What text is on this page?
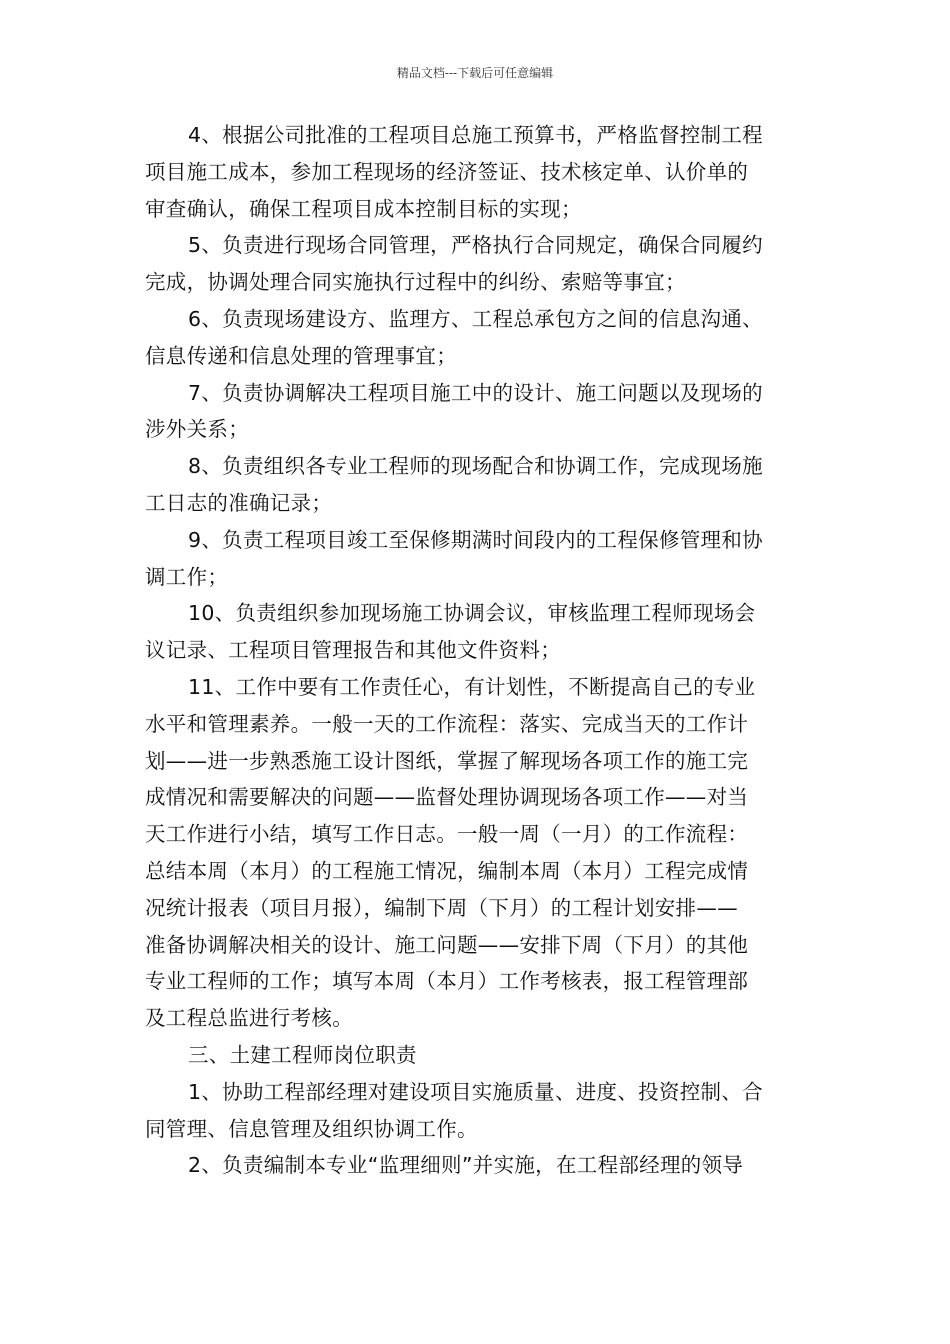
精品文档---下载后可任意编辑
4、根据公司批准的工程项目总施工预算书，严格监督控制工程
项目施工成本，参加工程现场的经济签证、技术核定单、认价单的
审查确认，确保工程项目成本控制目标的实现；
5、负责进行现场合同管理，严格执行合同规定，确保合同履约
完成，协调处理合同实施执行过程中的纠纷、索赔等事宜；
6、负责现场建设方、监理方、工程总承包方之间的信息沟通、
信息传递和信息处理的管理事宜；
7、负责协调解决工程项目施工中的设计、施工问题以及现场的
涉外关系；
8、负责组织各专业工程师的现场配合和协调工作，完成现场施
工日志的准确记录；
9、负责工程项目竣工至保修期满时间段内的工程保修管理和协
调工作；
10、负责组织参加现场施工协调会议，审核监理工程师现场会
议记录、工程项目管理报告和其他文件资料；
11、工作中要有工作责任心，有计划性，不断提高自己的专业
水平和管理素养。一般一天的工作流程：落实、完成当天的工作计
划——进一步熟悉施工设计图纸，掌握了解现场各项工作的施工完
成情况和需要解决的问题——监督处理协调现场各项工作——对当
天工作进行小结，填写工作日志。一般一周（一月）的工作流程：
总结本周（本月）的工程施工情况，编制本周（本月）工程完成情
况统计报表（项目月报），编制下周（下月）的工程计划安排——
准备协调解决相关的设计、施工问题——安排下周（下月）的其他
专业工程师的工作；填写本周（本月）工作考核表，报工程管理部
及工程总监进行考核。
三、土建工程师岗位职责
1、协助工程部经理对建设项目实施质量、进度、投资控制、合
同管理、信息管理及组织协调工作。
2、负责编制本专业“监理细则”并实施，在工程部经理的领导
